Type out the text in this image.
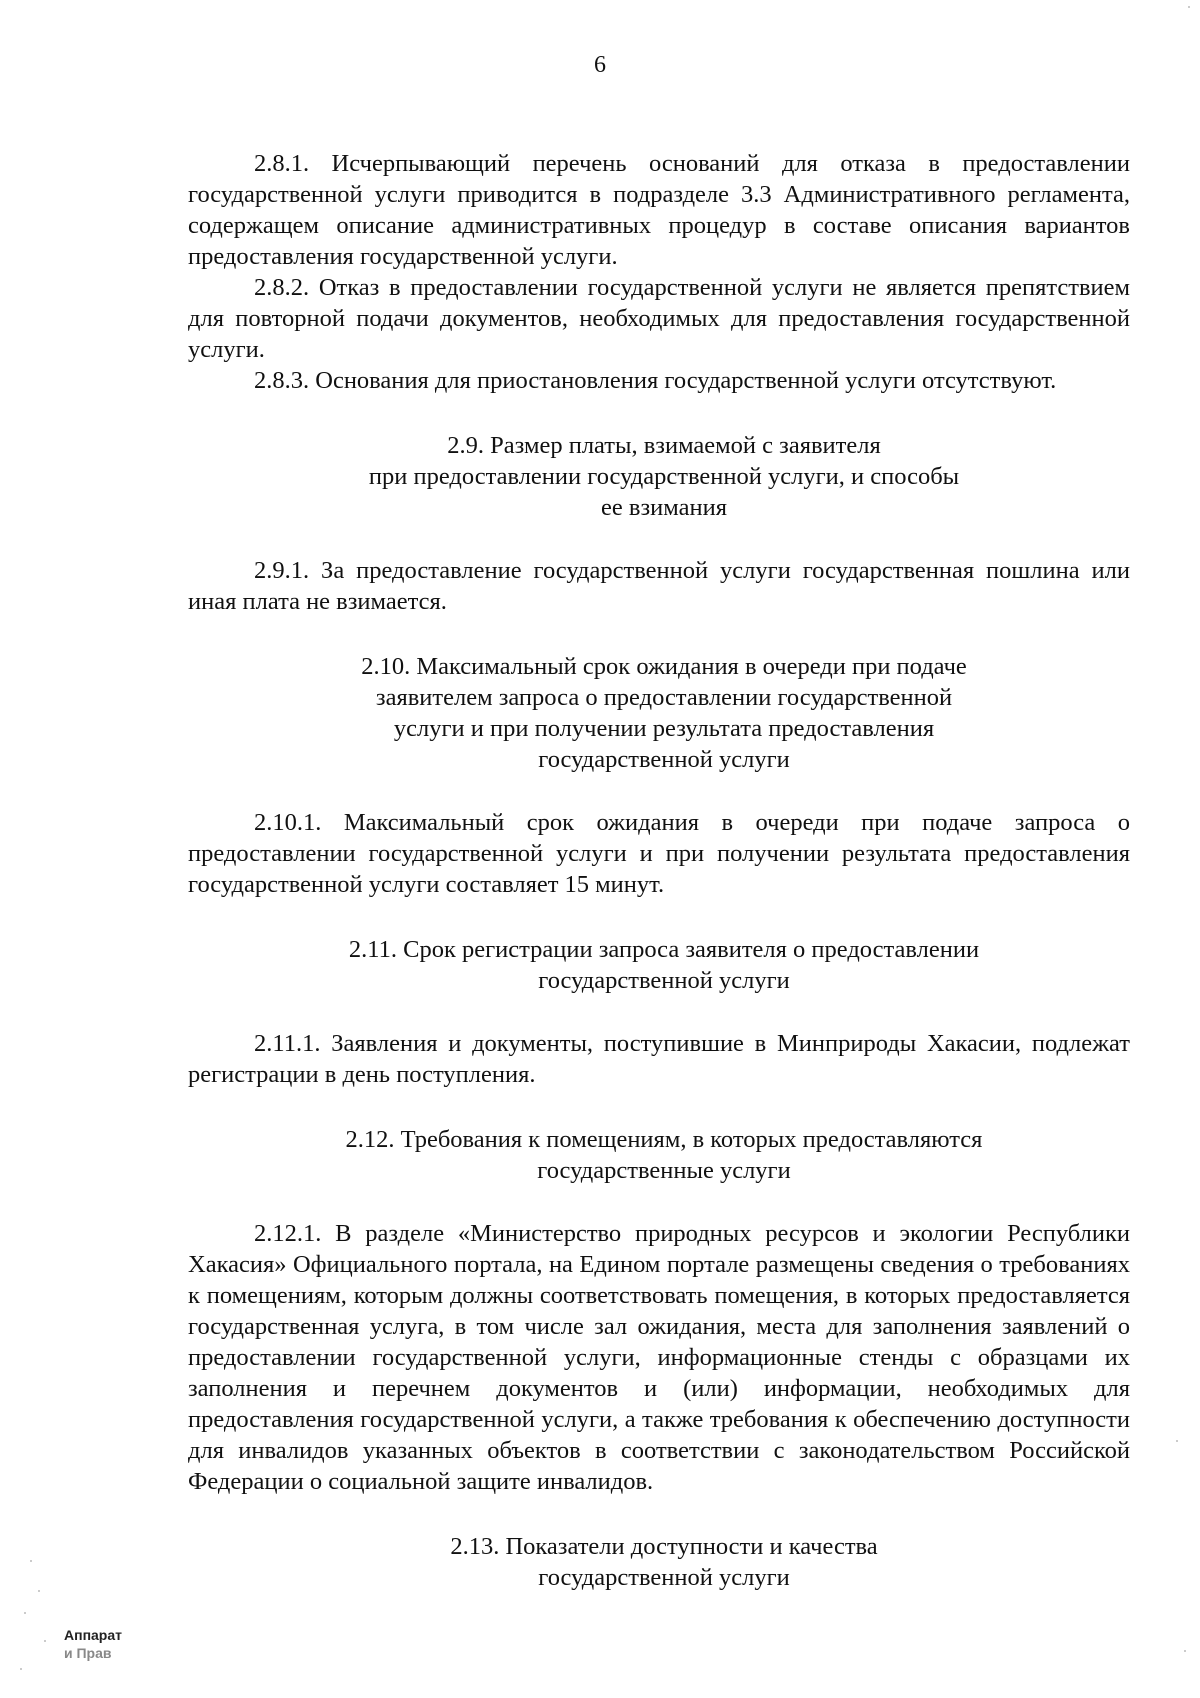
6

2.8.1. Исчерпывающий перечень оснований для отказа в предоставлении государственной услуги приводится в подразделе 3.3 Административного регламента, содержащем описание административных процедур в составе описания вариантов предоставления государственной услуги.

2.8.2. Отказ в предоставлении государственной услуги не является препятствием для повторной подачи документов, необходимых для предоставления государственной услуги.

2.8.3. Основания для приостановления государственной услуги отсутствуют.

2.9. Размер платы, взимаемой с заявителя
при предоставлении государственной услуги, и способы
ее взимания

2.9.1. За предоставление государственной услуги государственная пошлина или иная плата не взимается.

2.10. Максимальный срок ожидания в очереди при подаче
заявителем запроса о предоставлении государственной
услуги и при получении результата предоставления
государственной услуги

2.10.1. Максимальный срок ожидания в очереди при подаче запроса о предоставлении государственной услуги и при получении результата предоставления государственной услуги составляет 15 минут.

2.11. Срок регистрации запроса заявителя о предоставлении
государственной услуги

2.11.1. Заявления и документы, поступившие в Минприроды Хакасии, подлежат регистрации в день поступления.

2.12. Требования к помещениям, в которых предоставляются
государственные услуги

2.12.1. В разделе «Министерство природных ресурсов и экологии Республики Хакасия» Официального портала, на Едином портале размещены сведения о требованиях к помещениям, которым должны соответствовать помещения, в которых предоставляется государственная услуга, в том числе зал ожидания, места для заполнения заявлений о предоставлении государственной услуги, информационные стенды с образцами их заполнения и перечнем документов и (или) информации, необходимых для предоставления государственной услуги, а также требования к обеспечению доступности для инвалидов указанных объектов в соответствии с законодательством Российской Федерации о социальной защите инвалидов.

2.13. Показатели доступности и качества
государственной услуги
Аппарат
и Прав
